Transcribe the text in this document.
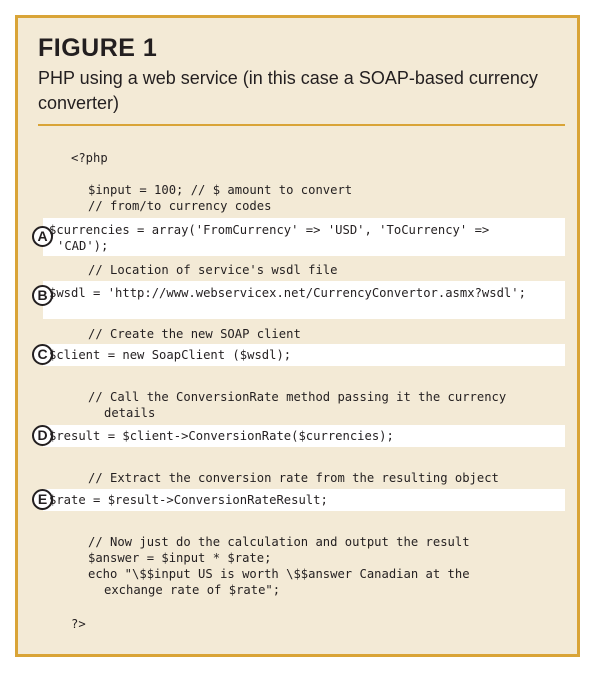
FIGURE 1
PHP using a web service (in this case a SOAP-based currency converter)
A
B
C
D
E

<?php

$input = 100; // $ amount to convert

// from/to currency codes

$currencies = array('FromCurrency' => 'USD', 'ToCurrency' =>

'CAD');

// Location of service's wsdl file

$wsdl = 'http://www.webservicex.net/CurrencyConvertor.asmx?wsdl';

// Create the new SOAP client

$client = new SoapClient ($wsdl);

// Call the ConversionRate method passing it the currency

details

$result = $client->ConversionRate($currencies);

// Extract the conversion rate from the resulting object

$rate = $result->ConversionRateResult;

// Now just do the calculation and output the result

$answer = $input * $rate;

echo "\$$input US is worth \$$answer Canadian at the

exchange rate of $rate";

?>
